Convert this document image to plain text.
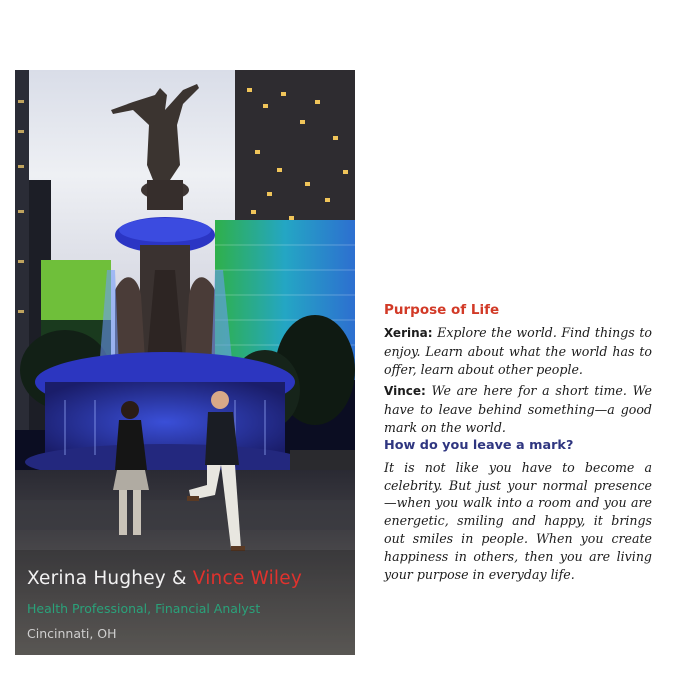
Xerina Hughey & Vince Wiley
Health Professional, Financial Analyst
Cincinnati, OH

Purpose of Life

Xerina: Explore the world. Find things to enjoy. Learn about what the world has to offer, learn about other people.

Vince: We are here for a short time. We have to leave behind something—a good mark on the world.

How do you leave a mark?

It is not like you have to become a celebrity. But just your normal presence—when you walk into a room and you are energetic, smiling and happy, it brings out smiles in people. When you create happiness in others, then you are living your purpose in everyday life.
